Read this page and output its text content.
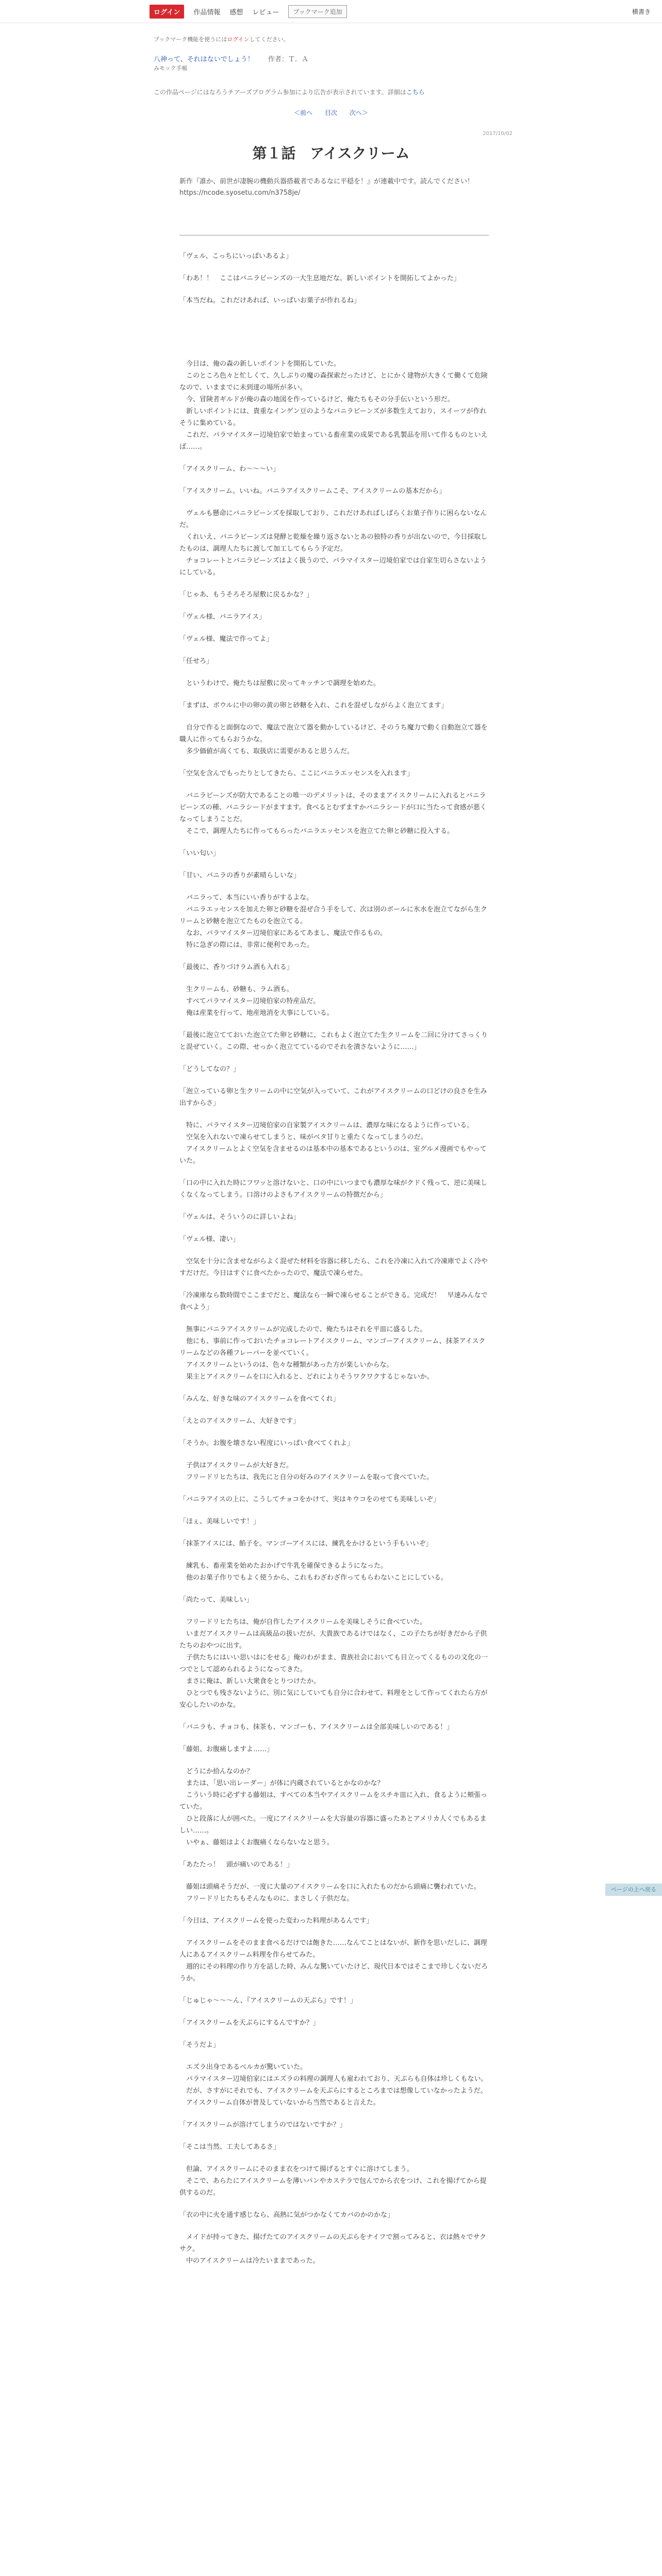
ログイン	作品情報 感想 レビュー	ブックマーク追加	横書き
ブックマーク機能を使うにはログインしてください。
八神って、それはないでしょう！ 作者：Ｔ．Ａ
みモック手帳
この作品ページにはなろうチアーズプログラム参加により広告が表示されています。詳細はこちら
＜前へ 目次 次へ＞
2017/10/02
第１話　アイスクリーム
新作『誰か、前世が凄腕の機動兵器搭載者であるなに平穏を！』が連載中です。読んでください！
https://ncode.syosetu.com/n3758je/

「ヴェル、こっちにいっぱいあるよ」

「わあ！！　ここはバニラビーンズの一大生息地だな。新しいポイントを開拓してよかった」

「本当だね。これだけあれば、いっぱいお菓子が作れるね」

　今日は、俺の森の新しいポイントを開拓していた。
　このところ色々と忙しくて、久しぶりの魔の森探索だったけど、とにかく建物が大きくて働くて危険なので、いままでに未到達の場所が多い。
　今、冒険者ギルドが俺の森の地図を作っているけど、俺たちもその分手伝いという形だ。
　新しいポイントには、貴重なインゲン豆のようなバニラビーンズが多数生えており、スイーツが作れそうに集めている。
　これだ、パラマイスター辺境伯家で始まっている畜産業の成果である乳製品を用いて作るものといえば……。

「アイスクリーム、わ〜〜〜い」

「アイスクリーム。いいね。バニラアイスクリームこそ、アイスクリームの基本だから」

　ヴェルも懸命にバニラビーンズを採取しており、これだけあればしばらくお菓子作りに困らないなんだ。
　くれいえ、バニラビーンズは発酵と乾燥を繰り返さないとあの独特の香りが出ないので、今日採取したものは、調理人たちに渡して加工してもらう予定だ。
　チョコレートとバニラビーンズはよく扱うので、パラマイスター辺境伯家では自家生切らさないようにしている。

「じゃあ、もうそろそろ屋敷に戻るかな？」

「ヴェル様、バニラアイス」

「ヴェル様、魔法で作ってよ」

「任せろ」

　というわけで、俺たちは屋敷に戻ってキッチンで調理を始めた。

「まずは、ボウルに中の卵の黄の卵と砂糖を入れ、これを混ぜしながらよく泡立てます」

　自分で作ると面倒なので、魔法で泡立て器を動かしているけど、そのうち魔力で動く自動泡立て器を職人に作ってもらおうかな。
　多少価値が高くても、取扱店に需要があると思うんだ。

「空気を含んでもったりとしてきたら、ここにバニラエッセンスを入れます」

　バニラビーンズが防大であることの唯一のデメリットは、そのままアイスクリームに入れるとバニラビーンズの種、バニラシードがますます。食べるとむずますかバニラシードが口に当たって食感が悪くなってしまうことだ。
　そこで、調理人たちに作ってもらったバニラエッセンスを泡立てた卵と砂糖に投入する。

「いい匂い」

「甘い、バニラの香りが素晴らしいな」

　バニラって、本当にいい香りがするよな。
　バニラエッセンスを加えた卵と砂糖を混ぜ合う手をして、次は別のボールに氷水を泡立てながら生クリームと砂糖を泡立てたものを泡立てる。
　なお、パラマイスター辺境伯家にあるてあまし、魔法で作るもの。
　特に急ぎの際には、非常に便利であった。

「最後に、香りづけラム酒も入れる」

　生クリームも、砂糖も、ラム酒も。
　すべてパラマイスター辺境伯家の特産品だ。
　俺は産業を行って、地産地消を大事にしている。

「最後に泡立てておいた泡立てた卵と砂糖に、これもよく泡立てた生クリームを二回に分けてさっくりと混ぜていく。この際、せっかく泡立てているのでそれを潰さないように……」

「どうしてなの？」

「泡立っている卵と生クリームの中に空気が入っていて、これがアイスクリームの口どけの良さを生み出すからさ」

　特に、パラマイスター辺境伯家の自家製アイスクリームは、濃厚な味になるように作っている。
　空気を入れないで凍らせてしまうと、味がベタ甘りと重たくなってしまうのだ。
　アイスクリームとよく空気を含ませるのは基本中の基本であるというのは、室グルメ漫画でもやっていた。

「口の中に入れた時にフワッと溶けないと、口の中にいつまでも濃厚な味がクドく残って、逆に美味しくなくなってしまう。口溶けのよさもアイスクリームの特徴だから」

「ヴェルは、そういうのに詳しいよね」

「ヴェル様、凄い」

　空気を十分に含ませながらよく混ぜた材料を容器に移したら、これを冷凍に入れて冷凍庫でよく冷やすだけだ。今日はすぐに食べたかったので、魔法で凍らせた。

「冷凍庫なら数時間でここまでだと、魔法なら一瞬で凍らせることができる。完成だ！　早速みんなで食べよう」

　無事にバニラアイスクリームが完成したので、俺たちはそれを平皿に盛るした。
　他にも、事前に作っておいたチョコレートアイスクリーム、マンゴーアイスクリーム、抹茶アイスクリームなどの各種フレーバーを並べていく。
　アイスクリームというのは、色々な種類があった方が楽しいからな。
　果主とアイスクリームを口に入れると、どれによりそうワクワクするじゃないか。

「みんな、好きな味のアイスクリームを食べてくれ」

「えとのアイスクリーム、大好きです」

「そうか。お腹を壊さない程度にいっぱい食べてくれよ」

　子供はアイスクリームが大好きだ。
　フリードリヒたちは、我先にと自分の好みのアイスクリームを取って食べていた。

「バニラアイスの上に、こうしてチョコをかけて、実はキウコをのせても美味しいぞ」

「ほぇ、美味しいです！」

「抹茶アイスには、餡子を。マンゴーアイスには、練乳をかけるという手もいいぞ」

　練乳も、畜産業を始めたおかげで牛乳を確保できるようになった。
　他のお菓子作りでもよく使うから、これもわざわざ作ってもらわないことにしている。

「尚たって、美味しい」

　フリードリヒたちは、俺が自作したアイスクリームを美味しそうに食べていた。
　いまだアイスクリームは高級品の扱いだが、大貴族であるけではなく、この子たちが好きだから子供たちのおやつに出す。
　子供たちにはいい思いはにをせる」俺のわがまま、貴族社会においても目立ってくるものの文化の一つでとして認められるようになってきた。
　まさに俺は、新しい大衆食をとりつけたか。
　ひとつでも残さないように、別に気にしていても自分に合わせて、料理をとして作ってくれたら方が安心したいのかな。

「バニラも、チョコも、抹茶も、マンゴーも、アイスクリームは全部美味しいのである！」

「藤姐、お腹痛しますよ……」

　どうにか拾んなのか？
　または、「思い出レーダー」が体に内蔵されているとかなのかな？
　こういう時に必ずする藤姐は、すべての本当やアイスクリームをスチキ皿に入れ、食るように頬張っていた。
　ひと段落に人が囲べた。一度にアイスクリームを大容量の容器に盛ったあとアメリカ人くでもあるましい……。
　いやぁ、藤姐はよくお腹痛くならないなと思う。

「あたたっ！　頭が痛いのである！」

　藤姐は頭痛そうだが、一度に大量のアイスクリームを口に入れたものだから頭痛に襲われていた。
　フリードリヒたちもそんなものに、まさしく子供だな。

「今日は、アイスクリームを使った変わった料理があるんです」

　アイスクリームをそのまま食べるだけでは飽きた……なんてことはないが、新作を思いだしに、調理人にあるアイスクリーム料理を作らせてみた。
　週的にその料理の作り方を話した時、みんな驚いていたけど、現代日本ではそこまで珍しくないだろうか。

「じゅじゃ〜〜〜ん、『アイスクリームの天ぷら』です！」

「アイスクリームを天ぷらにするんですか？」

「そうだよ」

　エズラ出身であるベルカが驚いていた。
　パラマイスター辺境伯家にはエズラの料理の調理人も雇われており、天ぷらも自体は珍しくもない。
　だが、さすがにそれでも、アイスクリームを天ぷらにするところまでは想像していなかったようだ。
　アイスクリーム自体が普及していないから当然であると言えた。

「アイスクリームが溶けてしまうのではないですか？」

「そこは当然、工夫してあるさ」

　但論、アイスクリームにそのまま衣をつけて揚げるとすぐに溶けてしまう。
　そこで、あらたにアイスクリームを薄いパンやカステラで包んでから衣をつけ、これを揚げてから提供するのだ。

「衣の中に火を通す感じなら、高熱に気がつかなくてカバのかのかな」

　メイドが持ってきた、揚げたてのアイスクリームの天ぷらをナイフで割ってみると、衣は熱々でサクサク。
　中のアイスクリームは冷たいままであった。

ページの上へ戻る
